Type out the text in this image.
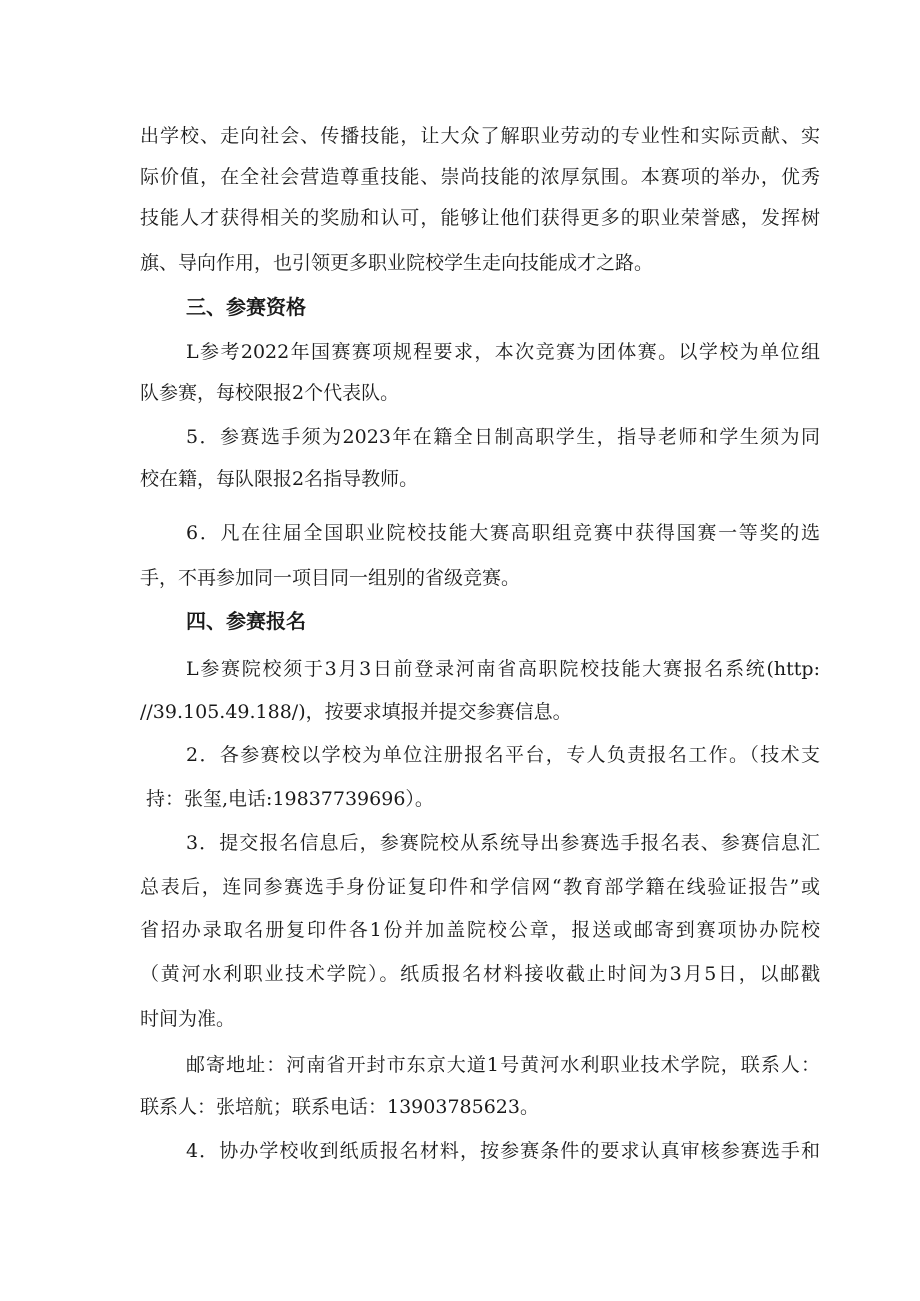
出学校、走向社会、传播技能，让大众了解职业劳动的专业性和实际贡献、实
际价值，在全社会营造尊重技能、崇尚技能的浓厚氛围。本赛项的举办，优秀
技能人才获得相关的奖励和认可，能够让他们获得更多的职业荣誉感，发挥树
旗、导向作用，也引领更多职业院校学生走向技能成才之路。
三、参赛资格
L参考2022年国赛赛项规程要求，本次竞赛为团体赛。以学校为单位组
队参赛，每校限报2个代表队。
5．参赛选手须为2023年在籍全日制高职学生，指导老师和学生须为同
校在籍，每队限报2名指导教师。
6．凡在往届全国职业院校技能大赛高职组竞赛中获得国赛一等奖的选
手，不再参加同一项目同一组别的省级竞赛。
四、参赛报名
L参赛院校须于3月3日前登录河南省高职院校技能大赛报名系统(http:
//39.105.49.188/)，按要求填报并提交参赛信息。
2．各参赛校以学校为单位注册报名平台，专人负责报名工作。（技术支
持：张玺,电话:19837739696）。
3．提交报名信息后，参赛院校从系统导出参赛选手报名表、参赛信息汇
总表后，连同参赛选手身份证复印件和学信网“教育部学籍在线验证报告”或
省招办录取名册复印件各1份并加盖院校公章，报送或邮寄到赛项协办院校
（黄河水利职业技术学院）。纸质报名材料接收截止时间为3月5日，以邮戳
时间为准。
邮寄地址：河南省开封市东京大道1号黄河水利职业技术学院，联系人：
联系人：张培航；联系电话：13903785623。
4．协办学校收到纸质报名材料，按参赛条件的要求认真审核参赛选手和
